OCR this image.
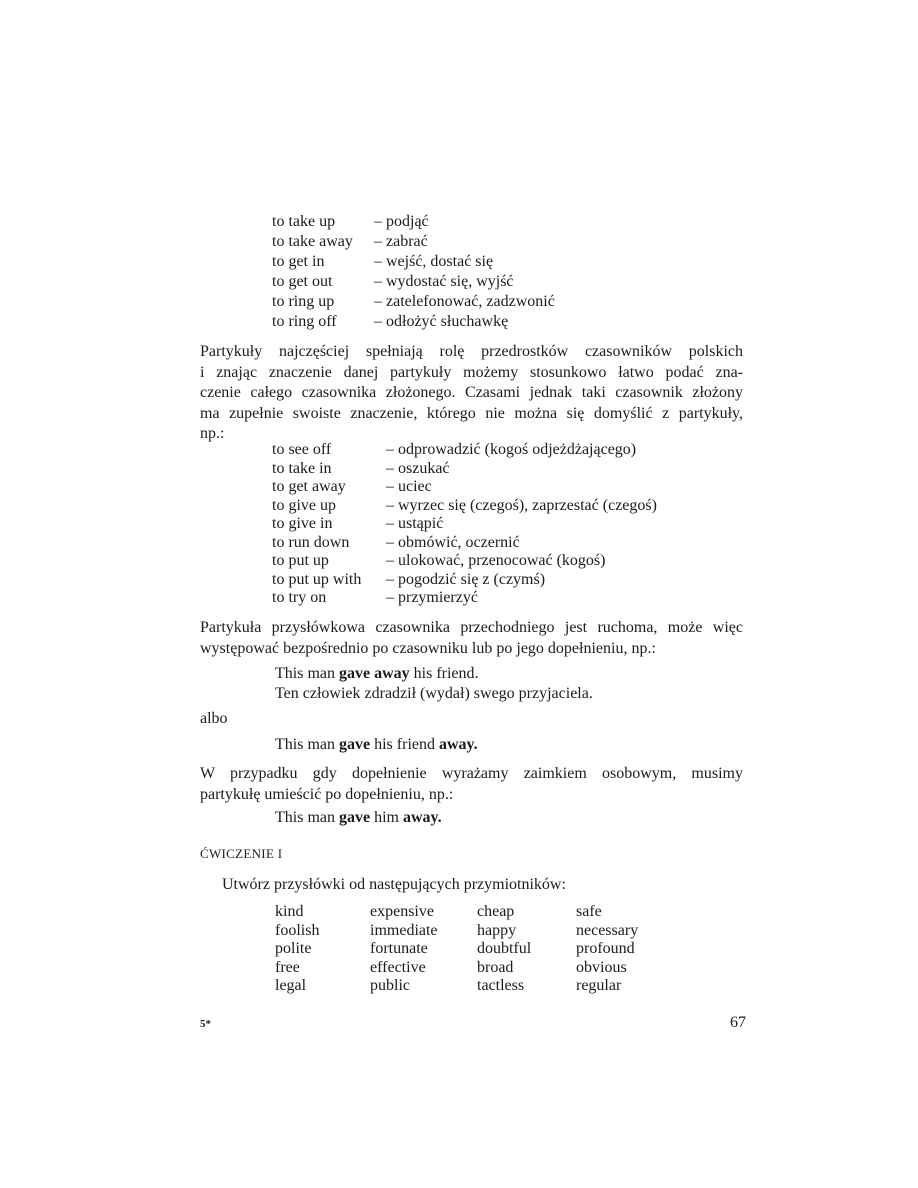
to take up	– podjąć
to take away	– zabrać
to get in	– wejść, dostać się
to get out	– wydostać się, wyjść
to ring up	– zatelefonować, zadzwonić
to ring off	– odłożyć słuchawkę
Partykuły najczęściej spełniają rolę przedrostków czasowników polskich
i znając znaczenie danej partykuły możemy stosunkowo łatwo podać zna-
czenie całego czasownika złożonego. Czasami jednak taki czasownik złożony
ma zupełnie swoiste znaczenie, którego nie można się domyślić z partykuły,
np.:
to see off	– odprowadzić (kogoś odjeżdżającego)
to take in	– oszukać
to get away	– uciec
to give up	– wyrzec się (czegoś), zaprzestać (czegoś)
to give in	– ustąpić
to run down	– obmówić, oczernić
to put up	– ulokować, przenocować (kogoś)
to put up with	– pogodzić się z (czymś)
to try on	– przymierzyć
Partykuła przysłówkowa czasownika przechodniego jest ruchoma, może więc
występować bezpośrednio po czasowniku lub po jego dopełnieniu, np.:
This man gave away his friend.
Ten człowiek zdradził (wydał) swego przyjaciela.
albo
This man gave his friend away.
W przypadku gdy dopełnienie wyrażamy zaimkiem osobowym, musimy
partykułę umieścić po dopełnieniu, np.:
This man gave him away.
ĆWICZENIE I
Utwórz przysłówki od następujących przymiotników:
kind	expensive	cheap	safe
foolish	immediate	happy	necessary
polite	fortunate	doubtful	profound
free	effective	broad	obvious
legal	public	tactless	regular
5*	67
